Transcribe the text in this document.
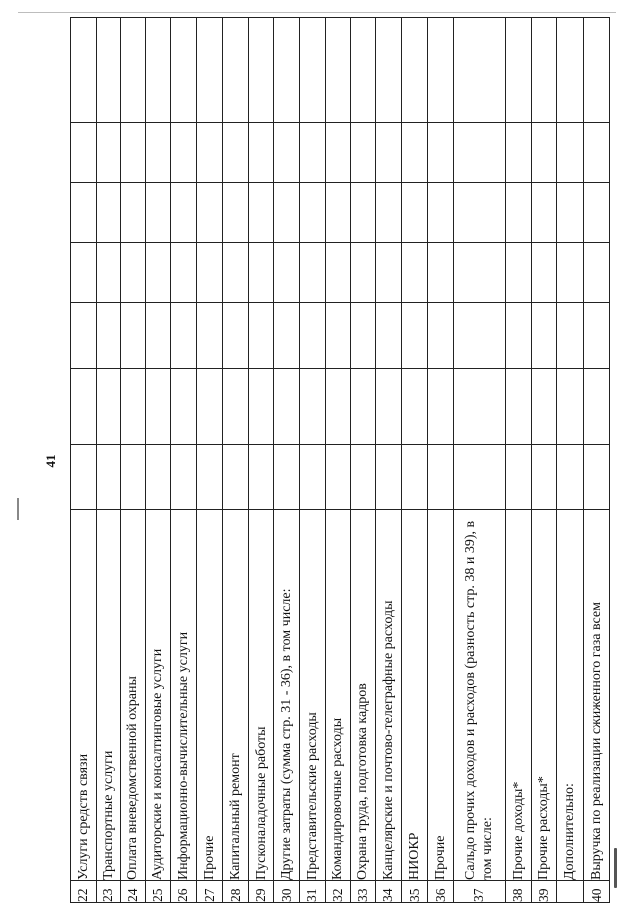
41
22	Услуги средств связи							
23	Транспортные услуги							
24	Оплата вневедомственной охраны							
25	Аудиторские и консалтинговые услуги							
26	Информационно-вычислительные услуги							
27	Прочие							
28	Капитальный ремонт							
29	Пусконаладочные работы							
30	Другие затраты (сумма стр. 31 - 36), в том числе:							
31	Представительские расходы							
32	Командировочные расходы							
33	Охрана труда, подготовка кадров							
34	Канцелярские и почтово-телеграфные расходы							
35	НИОКР							
36	Прочие							
37	Сальдо прочих доходов и расходов (разность стр. 38 и 39), в том числе:							
38	Прочие доходы*							
39	Прочие расходы*							
	Дополнительно:							
40	Выручка по реализации сжиженного газа всем							
